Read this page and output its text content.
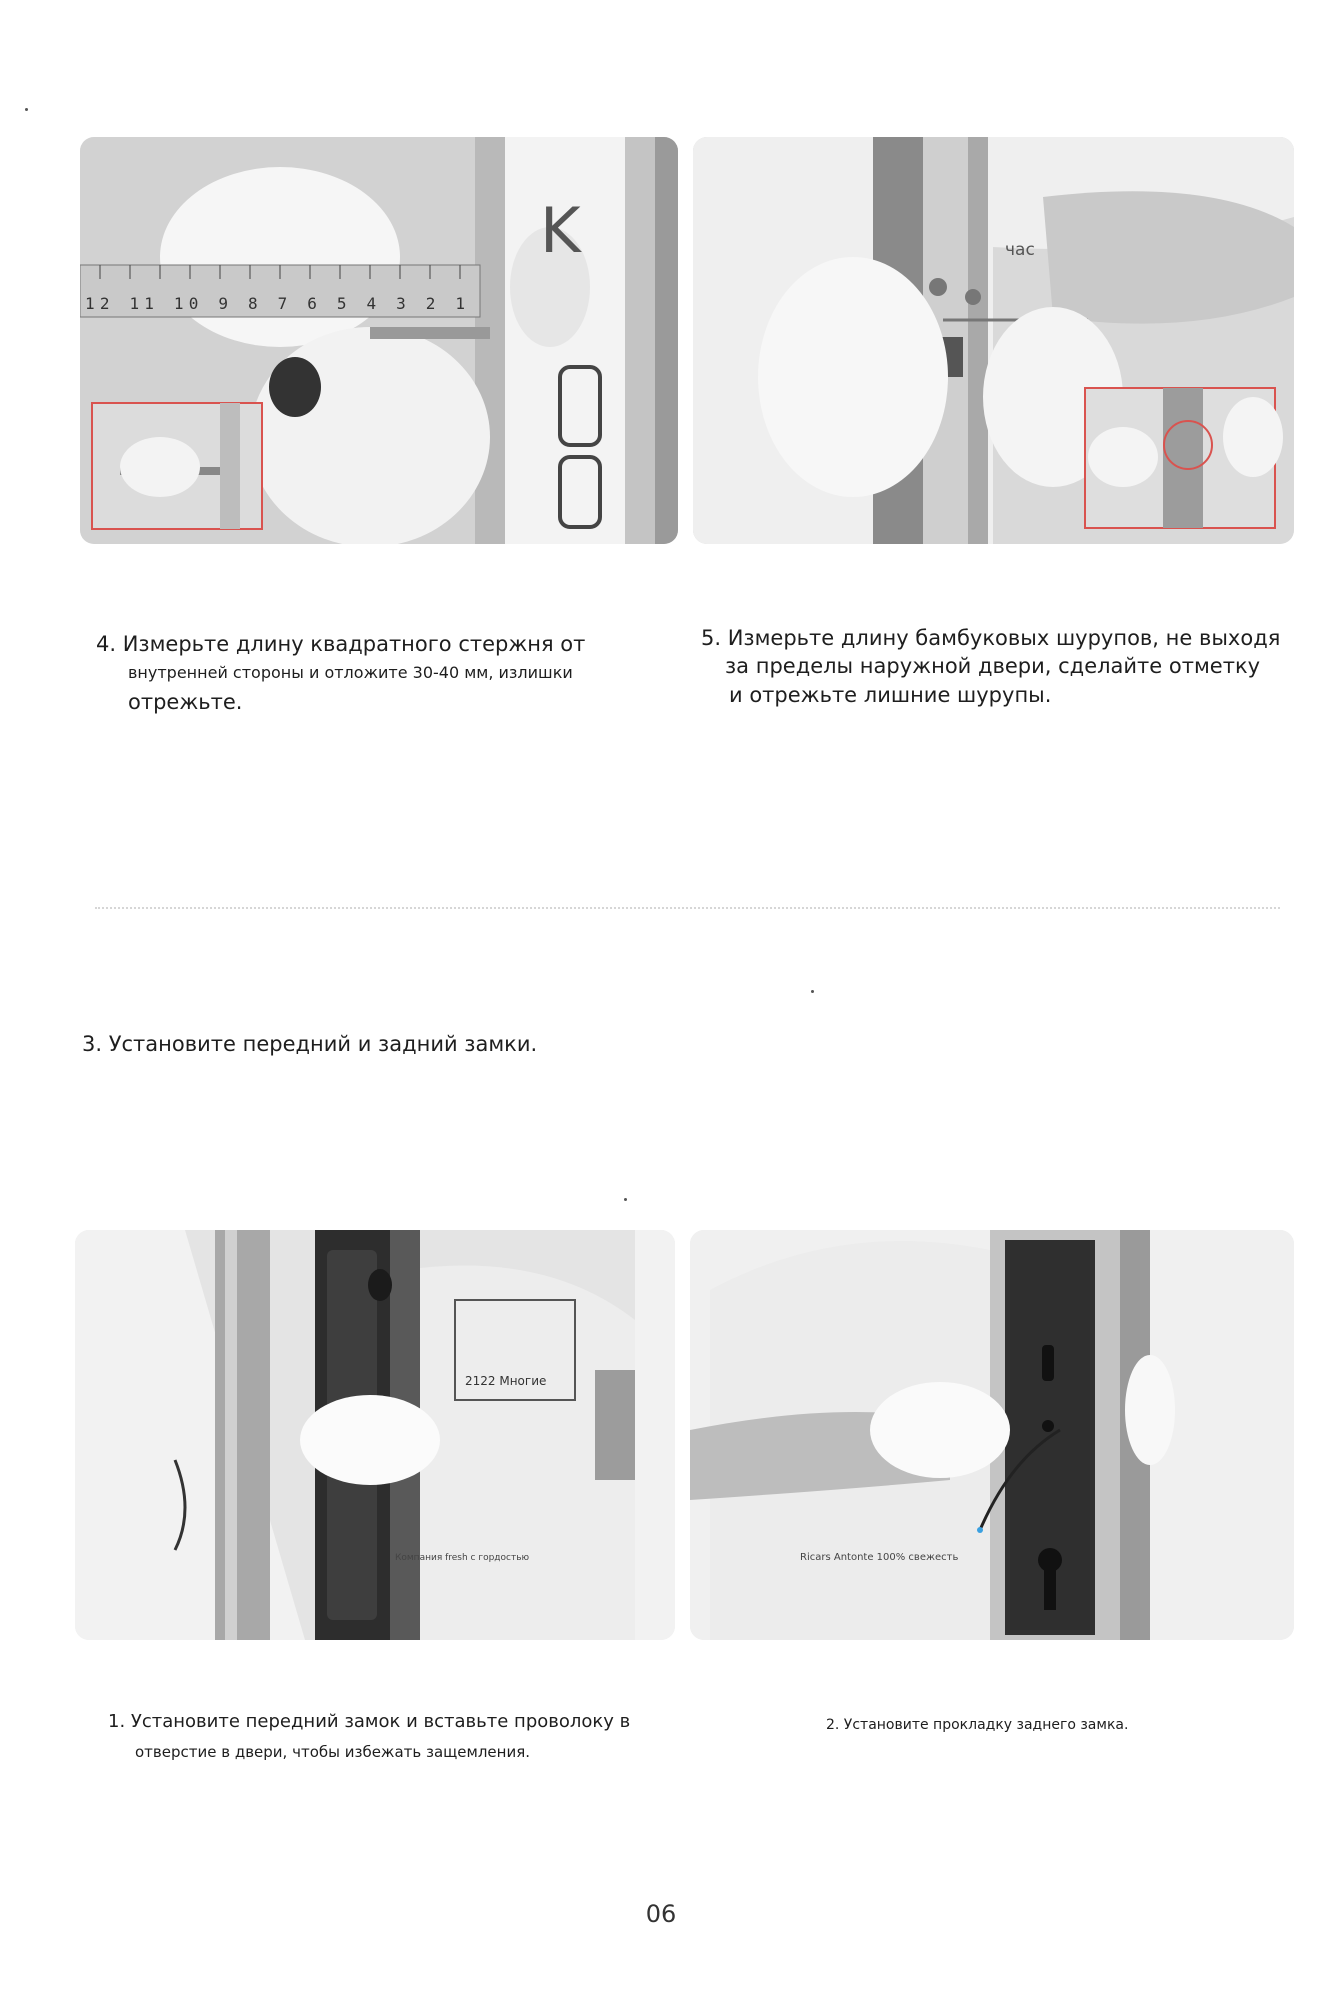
12 11 10 9 8 7 6 5 4 3 2 1
K	час
4. Измерьте длину квадратного стержня от
внутренней стороны и отложите 30-40 мм, излишки
отрежьте.
5. Измерьте длину бамбуковых шурупов, не выходя
за пределы наружной двери, сделайте отметку
и отрежьте лишние шурупы.
3. Установите передний и задний замки.
2122 Многие
Компания fresh с гордостью	Ricars Antonte 100% свежесть
1. Установите передний замок и вставьте проволоку в
отверстие в двери, чтобы избежать защемления.
2. Установите прокладку заднего замка.
06
